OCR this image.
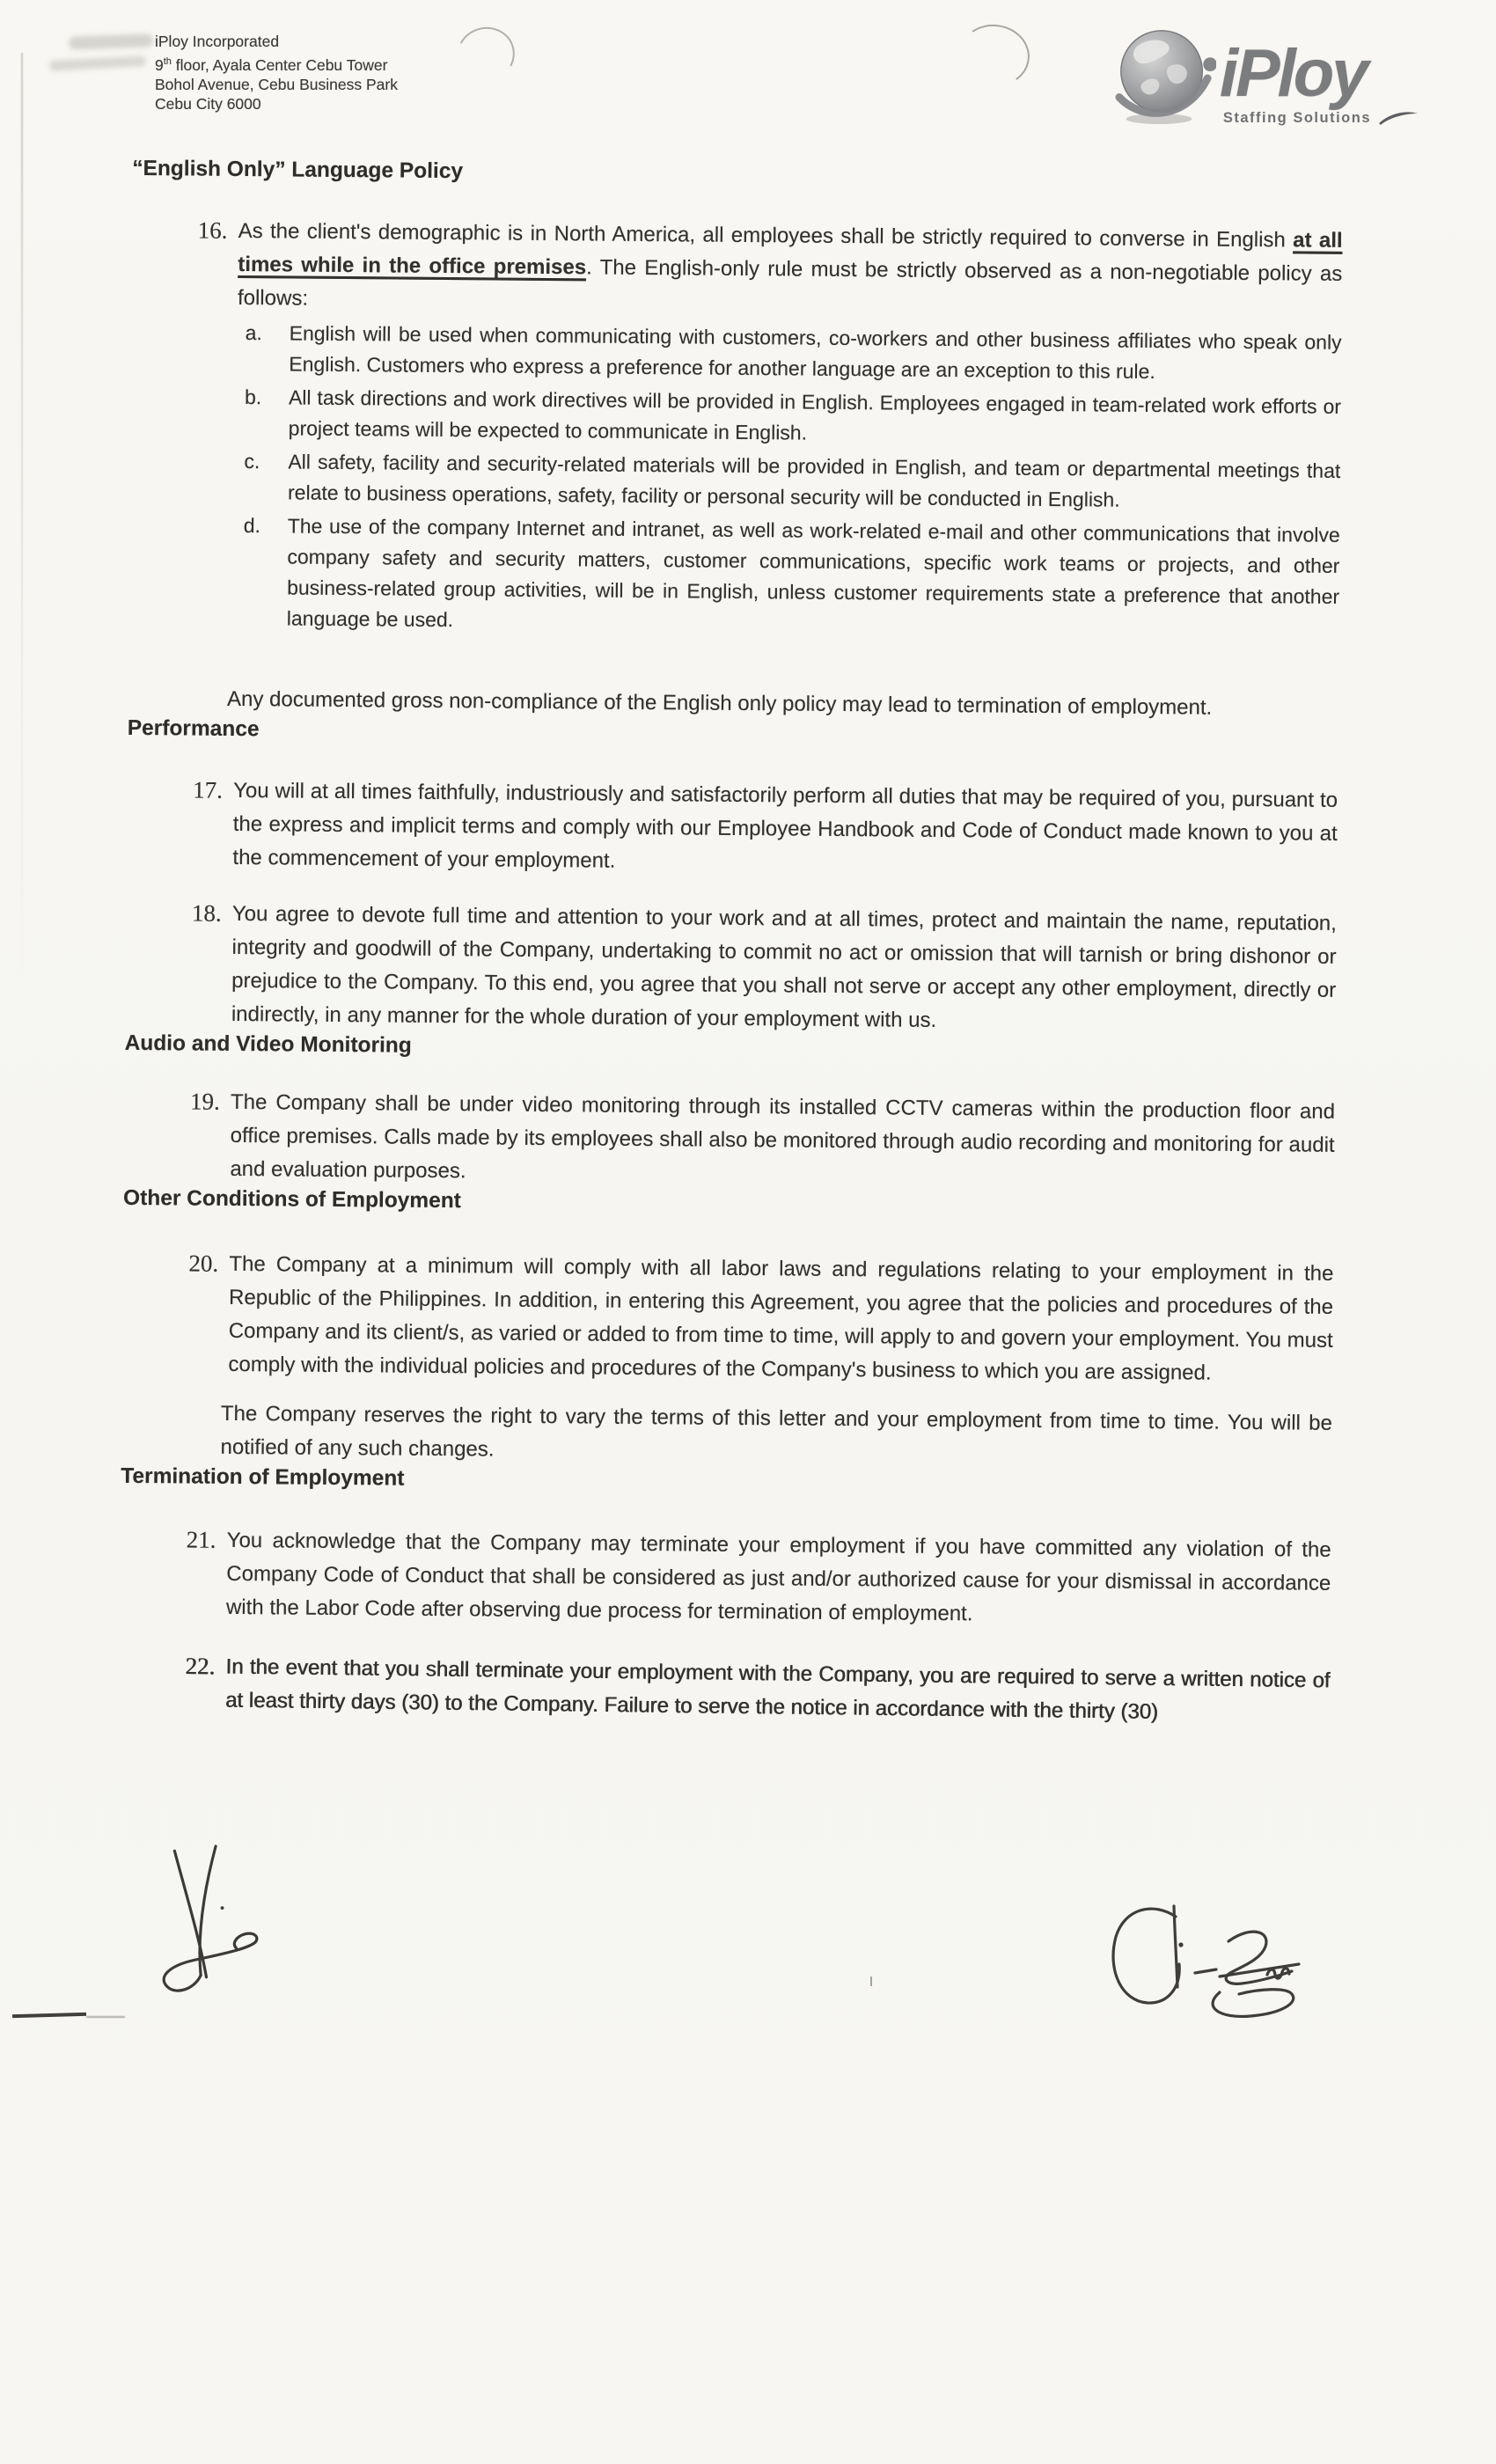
iPloy Incorporated
9th floor, Ayala Center Cebu Tower
Bohol Avenue, Cebu Business Park
Cebu City 6000	iPloy
Staffing Solutions
“English Only” Language Policy
16. As the client's demographic is in North America, all employees shall be strictly required to converse in English at all times while in the office premises. The English-only rule must be strictly observed as a non-negotiable policy as follows:

a.	English will be used when communicating with customers, co-workers and other business affiliates who speak only English. Customers who express a preference for another language are an exception to this rule.

b.	All task directions and work directives will be provided in English. Employees engaged in team-related work efforts or project teams will be expected to communicate in English.

c.	All safety, facility and security-related materials will be provided in English, and team or departmental meetings that relate to business operations, safety, facility or personal security will be conducted in English.

d.	The use of the company Internet and intranet, as well as work-related e-mail and other communications that involve company safety and security matters, customer communications, specific work teams or projects, and other business-related group activities, will be in English, unless customer requirements state a preference that another language be used.

Any documented gross non-compliance of the English only policy may lead to termination of employment.

Performance
17. You will at all times faithfully, industriously and satisfactorily perform all duties that may be required of you, pursuant to the express and implicit terms and comply with our Employee Handbook and Code of Conduct made known to you at the commencement of your employment.

18. You agree to devote full time and attention to your work and at all times, protect and maintain the name, reputation, integrity and goodwill of the Company, undertaking to commit no act or omission that will tarnish or bring dishonor or prejudice to the Company. To this end, you agree that you shall not serve or accept any other employment, directly or indirectly, in any manner for the whole duration of your employment with us.

Audio and Video Monitoring
19. The Company shall be under video monitoring through its installed CCTV cameras within the production floor and office premises. Calls made by its employees shall also be monitored through audio recording and monitoring for audit and evaluation purposes.

Other Conditions of Employment
20. The Company at a minimum will comply with all labor laws and regulations relating to your employment in the Republic of the Philippines. In addition, in entering this Agreement, you agree that the policies and procedures of the Company and its client/s, as varied or added to from time to time, will apply to and govern your employment. You must comply with the individual policies and procedures of the Company's business to which you are assigned.

The Company reserves the right to vary the terms of this letter and your employment from time to time. You will be notified of any such changes.

Termination of Employment
21. You acknowledge that the Company may terminate your employment if you have committed any violation of the Company Code of Conduct that shall be considered as just and/or authorized cause for your dismissal in accordance with the Labor Code after observing due process for termination of employment.

22. In the event that you shall terminate your employment with the Company, you are required to serve a written notice of at least thirty days (30) to the Company. Failure to serve the notice in accordance with the thirty (30)
